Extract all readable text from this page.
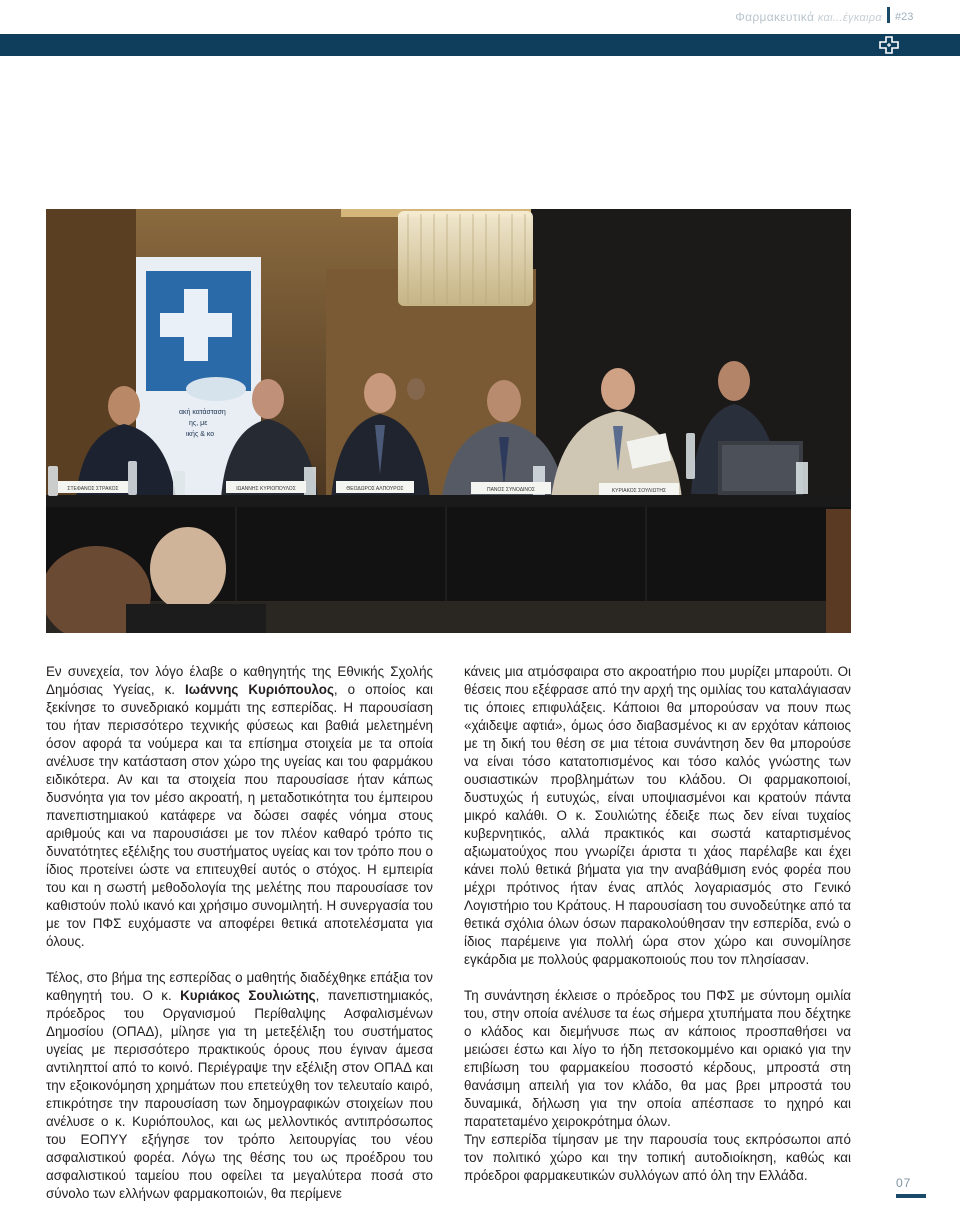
Φαρμακευτικά και...έγκαιρα #23
ακή κατάσταση
ης, με
ικής & κο
ΣΤΕΦΑΝΟΣ ΣΤΡΑΚΟΣ	ΙΩΑΝΝΗΣ ΚΥΡΙΟΠΟΥΛΟΣ	ΘΕΟΔΩΡΟΣ ΑΛΠΟΥΡΟΣ	ΠΑΝΟΣ ΣΥΝΟΔΙΝΟΣ	ΚΥΡΙΑΚΟΣ ΣΟΥΛΙΩΤΗΣ

Εν συνεχεία, τον λόγο έλαβε ο καθηγητής της Εθνικής Σχολής Δημόσιας Υγείας, κ. Ιωάννης Κυριόπουλος, ο οποίος και ξεκίνησε το συνεδριακό κομμάτι της εσπερίδας. Η παρουσίαση του ήταν περισσότερο τεχνικής φύσεως και βαθιά μελετημένη όσον αφορά τα νούμερα και τα επίσημα στοιχεία με τα οποία ανέλυσε την κατάσταση στον χώρο της υγείας και του φαρμάκου ειδικότερα. Αν και τα στοιχεία που παρουσίασε ήταν κάπως δυσνόητα για τον μέσο ακροατή, η μεταδοτικότητα του έμπειρου πανεπιστημιακού κατάφερε να δώσει σαφές νόημα στους αριθμούς και να παρουσιάσει με τον πλέον καθαρό τρόπο τις δυνατότητες εξέλιξης του συστήματος υγείας και τον τρόπο που ο ίδιος προτείνει ώστε να επιτευχθεί αυτός ο στόχος. Η εμπειρία του και η σωστή μεθοδολογία της μελέτης που παρουσίασε τον καθιστούν πολύ ικανό και χρήσιμο συνομιλητή. Η συνεργασία του με τον ΠΦΣ ευχόμαστε να αποφέρει θετικά αποτελέσματα για όλους.

Τέλος, στο βήμα της εσπερίδας ο μαθητής διαδέχθηκε επάξια τον καθηγητή του. Ο κ. Κυριάκος Σουλιώτης, πανεπιστημιακός, πρόεδρος του Οργανισμού Περίθαλψης Ασφαλισμένων Δημοσίου (ΟΠΑΔ), μίλησε για τη μετεξέλιξη του συστήματος υγείας με περισσότερο πρακτικούς όρους που έγιναν άμεσα αντιληπτοί από το κοινό. Περιέγραψε την εξέλιξη στον ΟΠΑΔ και την εξοικονόμηση χρημάτων που επετεύχθη τον τελευταίο καιρό, επικρότησε την παρουσίαση των δημογραφικών στοιχείων που ανέλυσε ο κ. Κυριόπουλος, και ως μελλοντικός αντιπρόσωπος του ΕΟΠΥΥ εξήγησε τον τρόπο λειτουργίας του νέου ασφαλιστικού φορέα. Λόγω της θέσης του ως προέδρου του ασφαλιστικού ταμείου που οφείλει τα μεγαλύτερα ποσά στο σύνολο των ελλήνων φαρμακοποιών, θα περίμενε

κάνεις μια ατμόσφαιρα στο ακροατήριο που μυρίζει μπαρούτι. Οι θέσεις που εξέφρασε από την αρχή της ομιλίας του καταλάγιασαν τις όποιες επιφυλάξεις. Κάποιοι θα μπορούσαν να πουν πως «χάιδεψε αφτιά», όμως όσο διαβασμένος κι αν ερχόταν κάποιος με τη δική του θέση σε μια τέτοια συνάντηση δεν θα μπορούσε να είναι τόσο κατατοπισμένος και τόσο καλός γνώστης των ουσιαστικών προβλημάτων του κλάδου. Οι φαρμακοποιοί, δυστυχώς ή ευτυχώς, είναι υποψιασμένοι και κρατούν πάντα μικρό καλάθι. Ο κ. Σουλιώτης έδειξε πως δεν είναι τυχαίος κυβερνητικός, αλλά πρακτικός και σωστά καταρτισμένος αξιωματούχος που γνωρίζει άριστα τι χάος παρέλαβε και έχει κάνει πολύ θετικά βήματα για την αναβάθμιση ενός φορέα που μέχρι πρότινος ήταν ένας απλός λογαριασμός στο Γενικό Λογιστήριο του Κράτους. Η παρουσίαση του συνοδεύτηκε από τα θετικά σχόλια όλων όσων παρακολούθησαν την εσπερίδα, ενώ ο ίδιος παρέμεινε για πολλή ώρα στον χώρο και συνομίλησε εγκάρδια με πολλούς φαρμακοποιούς που τον πλησίασαν.

Τη συνάντηση έκλεισε ο πρόεδρος του ΠΦΣ με σύντομη ομιλία του, στην οποία ανέλυσε τα έως σήμερα χτυπήματα που δέχτηκε ο κλάδος και διεμήνυσε πως αν κάποιος προσπαθήσει να μειώσει έστω και λίγο το ήδη πετσοκομμένο και οριακό για την επιβίωση του φαρμακείου ποσοστό κέρδους, μπροστά στη θανάσιμη απειλή για τον κλάδο, θα μας βρει μπροστά του δυναμικά, δήλωση για την οποία απέσπασε το ηχηρό και παρατεταμένο χειροκρότημα όλων.

Την εσπερίδα τίμησαν με την παρουσία τους εκπρόσωποι από τον πολιτικό χώρο και την τοπική αυτοδιοίκηση, καθώς και πρόεδροι φαρμακευτικών συλλόγων από όλη την Ελλάδα.	07
